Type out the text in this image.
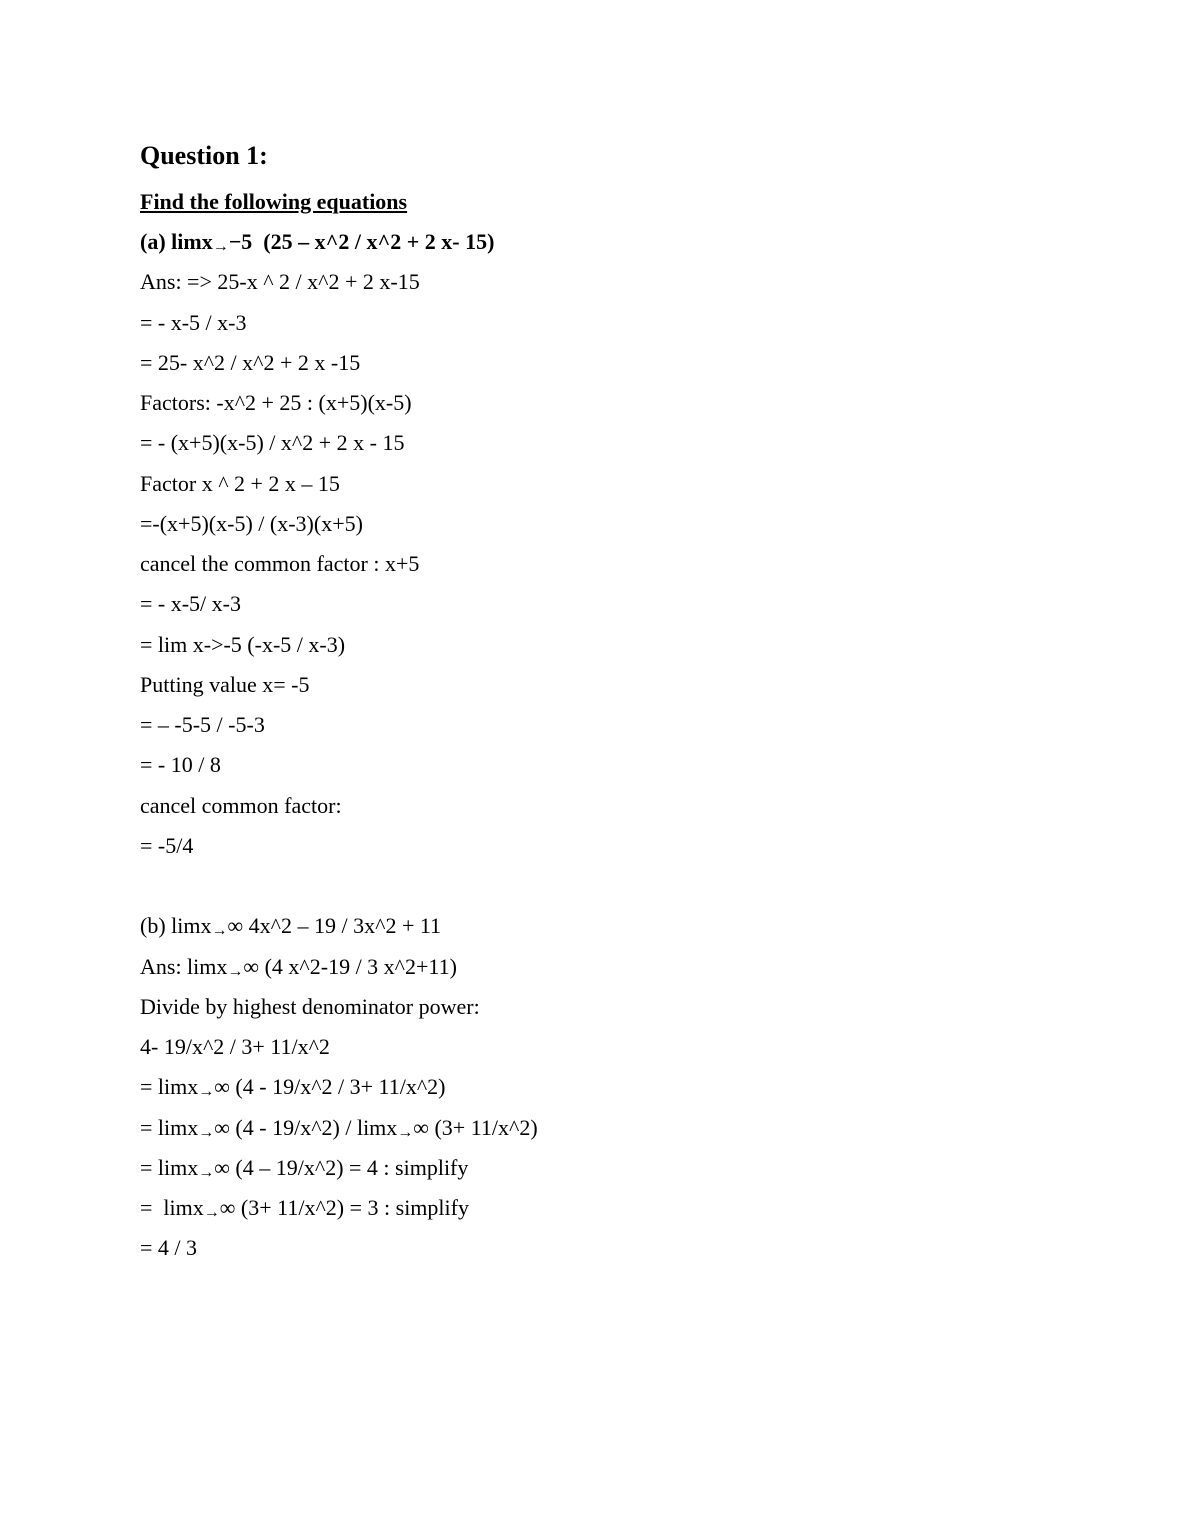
Question 1:
Find the following equations
(a) limx→−5  (25 – x^2 / x^2 + 2 x- 15)
Ans: => 25-x ^ 2 / x^2 + 2 x-15
= - x-5 / x-3
= 25- x^2 / x^2 + 2 x -15
Factors: -x^2 + 25 : (x+5)(x-5)
= - (x+5)(x-5) / x^2 + 2 x - 15
Factor x ^ 2 + 2 x – 15
=-(x+5)(x-5) / (x-3)(x+5)
cancel the common factor : x+5
= - x-5/ x-3
= lim x->-5 (-x-5 / x-3)
Putting value x= -5
= – -5-5 / -5-3
= - 10 / 8
cancel common factor:
= -5/4
(b) limx→∞ 4x^2 – 19 / 3x^2 + 11
Ans: limx→∞ (4 x^2-19 / 3 x^2+11)
Divide by highest denominator power:
4- 19/x^2 / 3+ 11/x^2
= limx→∞ (4 - 19/x^2 / 3+ 11/x^2)
= limx→∞ (4 - 19/x^2) / limx→∞ (3+ 11/x^2)
= limx→∞ (4 – 19/x^2) = 4 : simplify
=  limx→∞ (3+ 11/x^2) = 3 : simplify
= 4 / 3
